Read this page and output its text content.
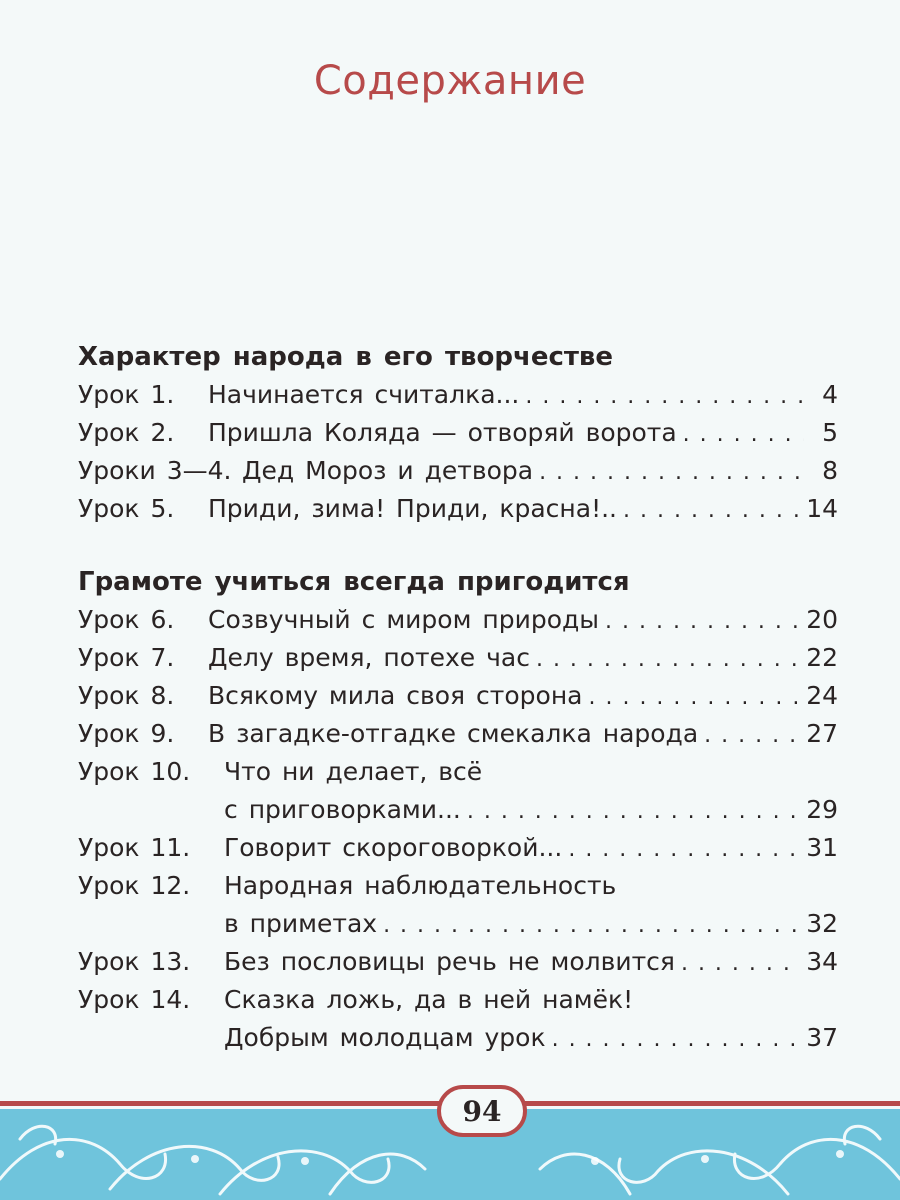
Содержание
Характер народа в его творчестве
Урок 1.	Начинается считалка... . . .	4
Урок 2.	Пришла Коляда — отворяй ворота . . .	5
Уроки 3—4. Дед Мороз и детвора . . .	8
Урок 5.	Приди, зима! Приди, красна!.. . . .	14
Грамоте учиться всегда пригодится
Урок 6.	Созвучный с миром природы . . .	20
Урок 7.	Делу время, потехе час . . .	22
Урок 8.	Всякому мила своя сторона . . .	24
Урок 9.	В загадке-отгадке смекалка народа . . .	27
Урок 10.	Что ни делает, всё
с приговорками... . . .	29
Урок 11.	Говорит скороговоркой... . . .	31
Урок 12.	Народная наблюдательность
в приметах . . .	32
Урок 13.	Без пословицы речь не молвится . . .	34
Урок 14.	Сказка ложь, да в ней намёк!
Добрым молодцам урок . . .	37
94
